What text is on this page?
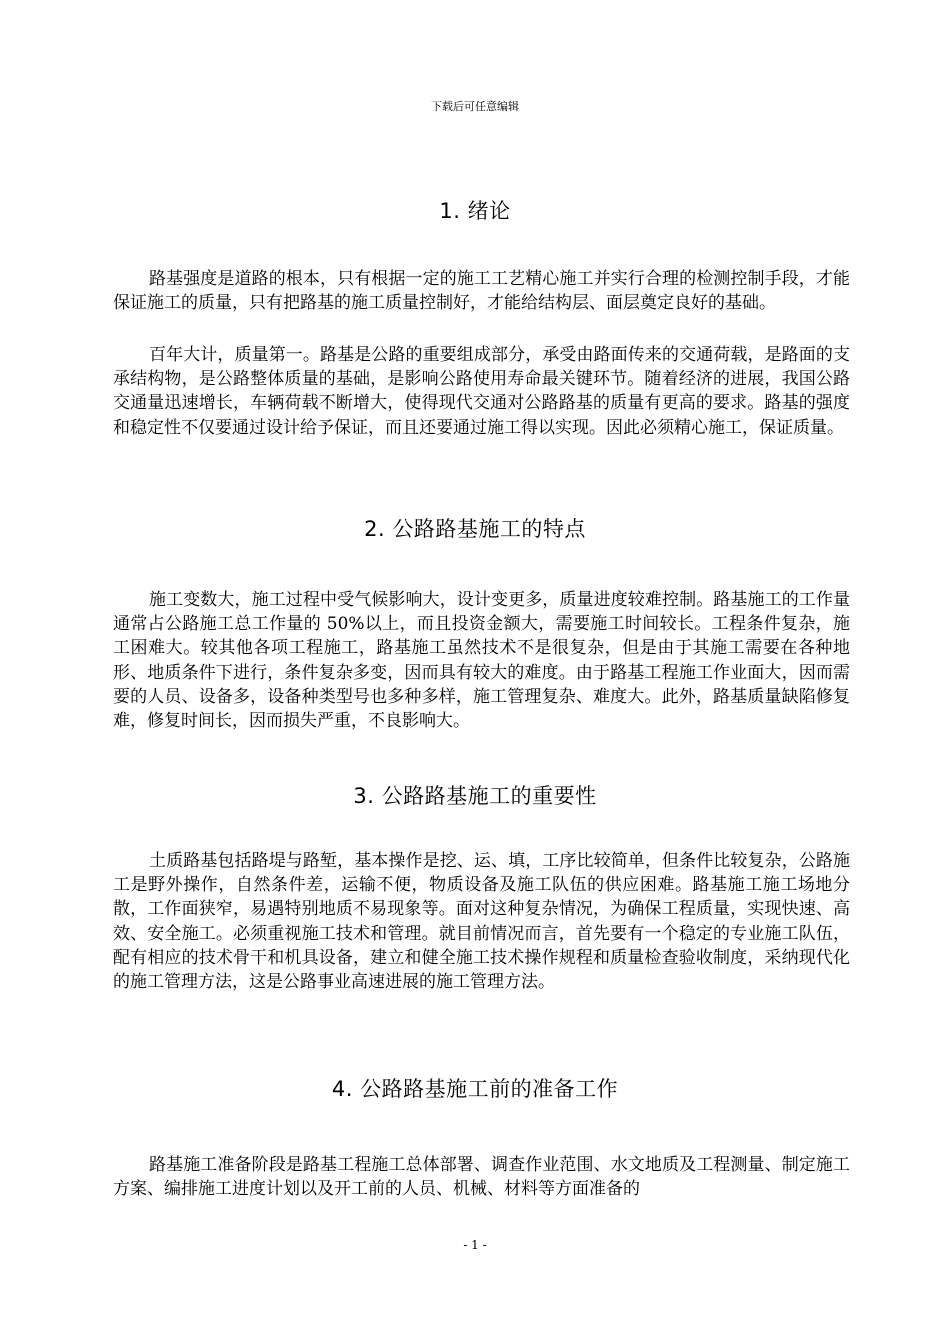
下载后可任意编辑
1. 绪论

路基强度是道路的根本，只有根据一定的施工工艺精心施工并实行合理的检测控制手段，才能保证施工的质量，只有把路基的施工质量控制好，才能给结构层、面层奠定良好的基础。

百年大计，质量第一。路基是公路的重要组成部分，承受由路面传来的交通荷载，是路面的支承结构物，是公路整体质量的基础，是影响公路使用寿命最关键环节。随着经济的进展，我国公路交通量迅速增长，车辆荷载不断增大，使得现代交通对公路路基的质量有更高的要求。路基的强度和稳定性不仅要通过设计给予保证，而且还要通过施工得以实现。因此必须精心施工，保证质量。

2. 公路路基施工的特点

施工变数大，施工过程中受气候影响大，设计变更多，质量进度较难控制。路基施工的工作量通常占公路施工总工作量的 50%以上，而且投资金额大，需要施工时间较长。工程条件复杂，施工困难大。较其他各项工程施工，路基施工虽然技术不是很复杂，但是由于其施工需要在各种地形、地质条件下进行，条件复杂多变，因而具有较大的难度。由于路基工程施工作业面大，因而需要的人员、设备多，设备种类型号也多种多样，施工管理复杂、难度大。此外，路基质量缺陷修复难，修复时间长，因而损失严重，不良影响大。

3. 公路路基施工的重要性

土质路基包括路堤与路堑，基本操作是挖、运、填，工序比较简单，但条件比较复杂，公路施工是野外操作，自然条件差，运输不便，物质设备及施工队伍的供应困难。路基施工施工场地分散，工作面狭窄，易遇特别地质不易现象等。面对这种复杂情况，为确保工程质量，实现快速、高效、安全施工。必须重视施工技术和管理。就目前情况而言，首先要有一个稳定的专业施工队伍，配有相应的技术骨干和机具设备，建立和健全施工技术操作规程和质量检查验收制度，采纳现代化的施工管理方法，这是公路事业高速进展的施工管理方法。

4. 公路路基施工前的准备工作

路基施工准备阶段是路基工程施工总体部署、调查作业范围、水文地质及工程测量、制定施工方案、编排施工进度计划以及开工前的人员、机械、材料等方面准备的

- 1 -
